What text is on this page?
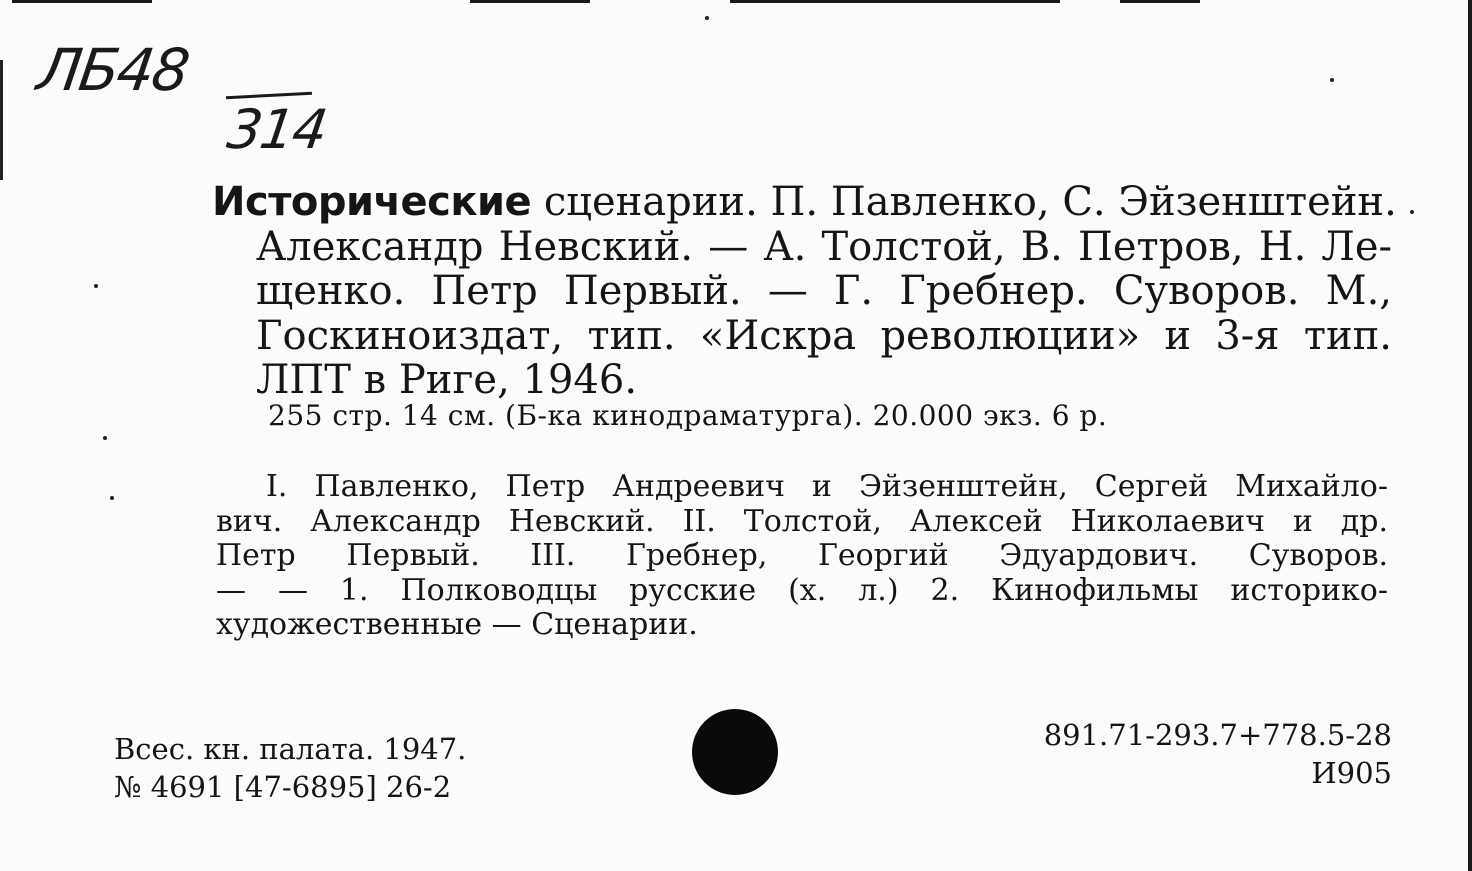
ЛБ48
314
Исторические сценарии. П. Павленко, С. Эйзенштейн.
Александр Невский. — А. Толстой, В. Петров, Н. Ле-
щенко. Петр Первый. — Г. Гребнер. Суворов. М.,
Госкиноиздат, тип. «Искра революции» и 3-я тип.
ЛПТ в Риге, 1946.
255 стр. 14 см. (Б-ка кинодраматурга). 20.000 экз. 6 р.
I. Павленко, Петр Андреевич и Эйзенштейн, Сергей Михайло-
вич. Александр Невский. II. Толстой, Алексей Николаевич и др.
Петр Первый. III. Гребнер, Георгий Эдуардович. Суворов.
— — 1. Полководцы русские (х. л.) 2. Кинофильмы историко-
художественные — Сценарии.
Всес. кн. палата. 1947.
№ 4691 [47-6895] 26-2
891.71-293.7+778.5-28
И905
